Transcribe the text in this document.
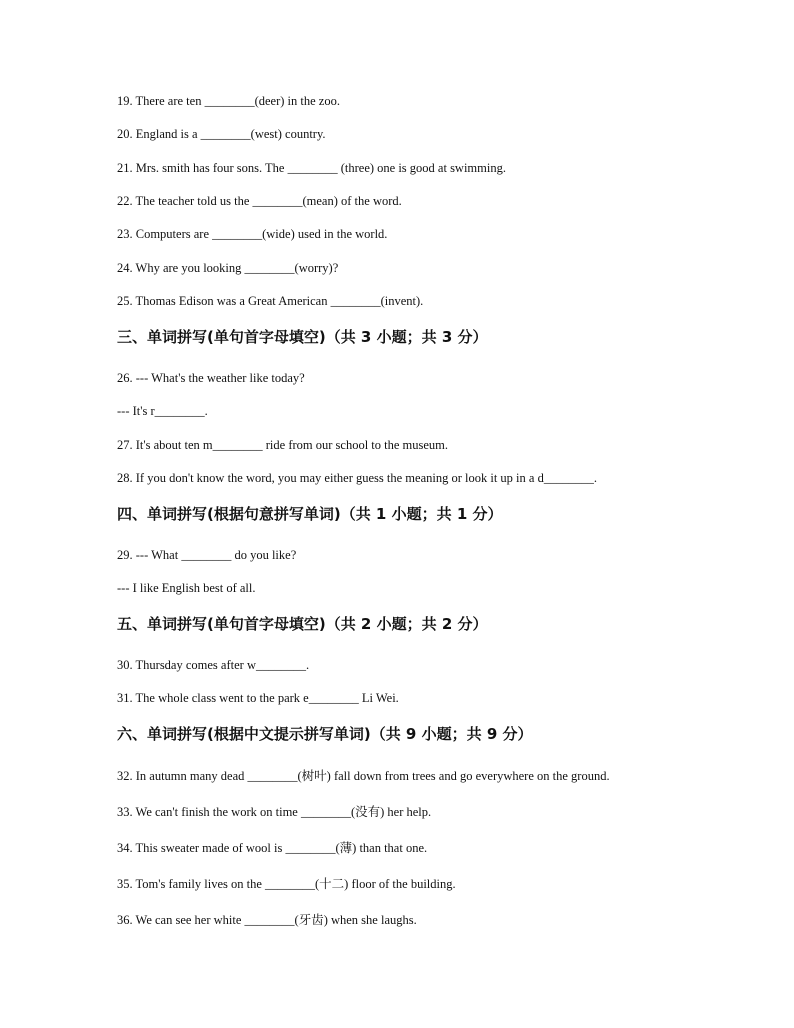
19. There are ten ________(deer) in the zoo.
20. England is a ________(west) country.
21. Mrs. smith has four sons. The ________ (three) one is good at swimming.
22. The teacher told us the ________(mean) of the word.
23. Computers are ________(wide) used in the world.
24. Why are you looking ________(worry)?
25. Thomas Edison was a Great American ________(invent).
三、单词拼写(单句首字母填空)（共 3 小题；共 3 分）
26. --- What's the weather like today?
--- It's r________.
27. It's about ten m________ ride from our school to the museum.
28. If you don't know the word, you may either guess the meaning or look it up in a d________.
四、单词拼写(根据句意拼写单词)（共 1 小题；共 1 分）
29. --- What ________ do you like?
--- I like English best of all.
五、单词拼写(单句首字母填空)（共 2 小题；共 2 分）
30. Thursday comes after w________.
31. The whole class went to the park e________ Li Wei.
六、单词拼写(根据中文提示拼写单词)（共 9 小题；共 9 分）
32. In autumn many dead ________(树叶) fall down from trees and go everywhere on the ground.
33. We can't finish the work on time ________(没有) her help.
34. This sweater made of wool is ________(薄) than that one.
35. Tom's family lives on the ________(十二) floor of the building.
36. We can see her white ________(牙齿) when she laughs.
